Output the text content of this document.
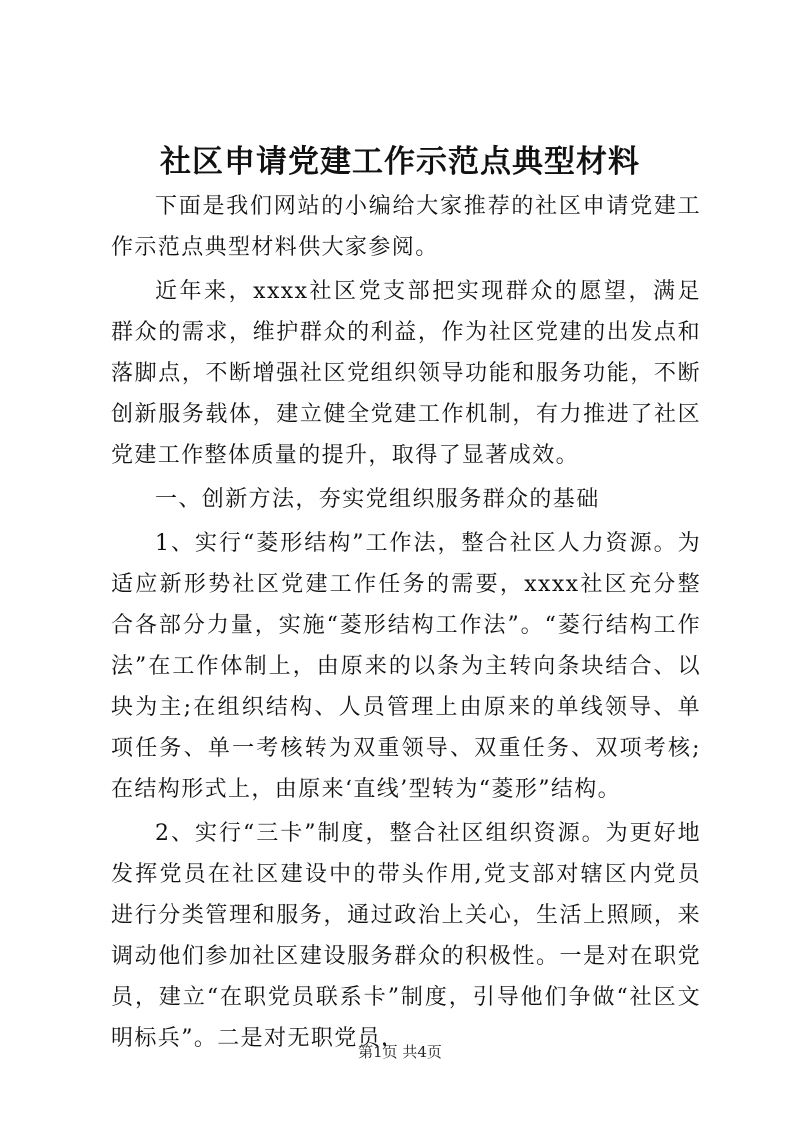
社区申请党建工作示范点典型材料

下面是我们网站的小编给大家推荐的社区申请党建工作示范点典型材料供大家参阅。

近年来，xxxx社区党支部把实现群众的愿望，满足群众的需求，维护群众的利益，作为社区党建的出发点和落脚点，不断增强社区党组织领导功能和服务功能，不断创新服务载体，建立健全党建工作机制，有力推进了社区党建工作整体质量的提升，取得了显著成效。

一、创新方法，夯实党组织服务群众的基础

1、实行“菱形结构”工作法，整合社区人力资源。为适应新形势社区党建工作任务的需要，xxxx社区充分整合各部分力量，实施“菱形结构工作法”。“菱行结构工作法”在工作体制上，由原来的以条为主转向条块结合、以块为主;在组织结构、人员管理上由原来的单线领导、单项任务、单一考核转为双重领导、双重任务、双项考核;在结构形式上，由原来‘直线’型转为“菱形”结构。

2、实行“三卡”制度，整合社区组织资源。为更好地发挥党员在社区建设中的带头作用,党支部对辖区内党员进行分类管理和服务，通过政治上关心，生活上照顾，来调动他们参加社区建设服务群众的积极性。一是对在职党员，建立“在职党员联系卡”制度，引导他们争做“社区文明标兵”。二是对无职党员，

第1页 共4页
